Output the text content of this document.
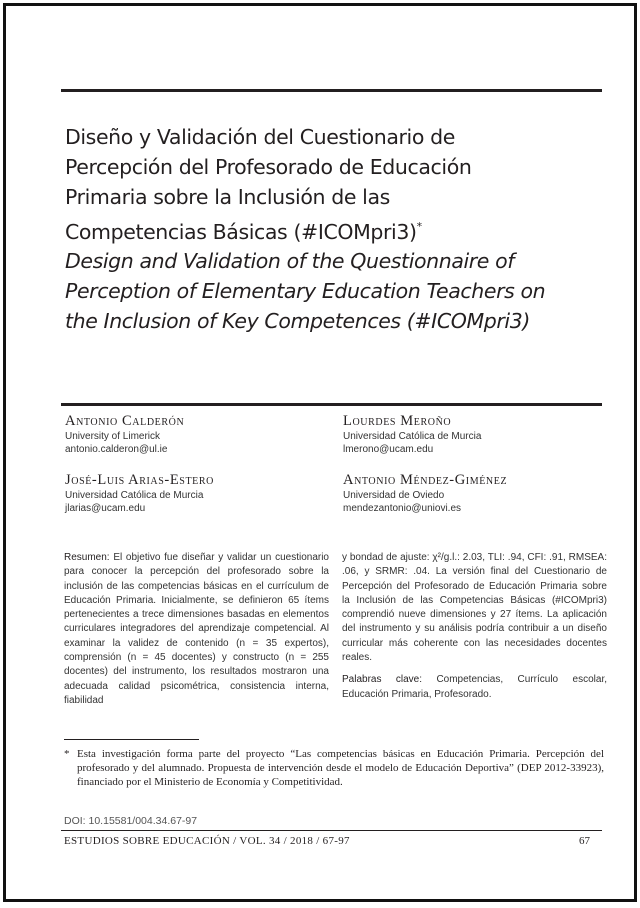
Diseño y Validación del Cuestionario de
Percepción del Profesorado de Educación
Primaria sobre la Inclusión de las
Competencias Básicas (#ICOMpri3)*
Design and Validation of the Questionnaire of
Perception of Elementary Education Teachers on
the Inclusion of Key Competences (#ICOMpri3)
Antonio Calderón
University of Limerick
antonio.calderon@ul.ie
Lourdes Meroño
Universidad Católica de Murcia
lmerono@ucam.edu
José-Luis Arias-Estero
Universidad Católica de Murcia
jlarias@ucam.edu
Antonio Méndez-Giménez
Universidad de Oviedo
mendezantonio@uniovi.es
Resumen: El objetivo fue diseñar y validar un cuestionario para conocer la percepción del profesorado sobre la inclusión de las competencias básicas en el currículum de Educación Primaria. Inicialmente, se definieron 65 ítems pertenecientes a trece dimensiones basadas en elementos curriculares integradores del aprendizaje competencial. Al examinar la validez de contenido (n = 35 expertos), comprensión (n = 45 docentes) y constructo (n = 255 docentes) del instrumento, los resultados mostraron una adecuada calidad psicométrica, consistencia interna, fiabilidad
y bondad de ajuste: χ²/g.l.: 2.03, TLI: .94, CFI: .91, RMSEA: .06, y SRMR: .04. La versión final del Cuestionario de Percepción del Profesorado de Educación Primaria sobre la Inclusión de las Competencias Básicas (#ICOMpri3) comprendió nueve dimensiones y 27 ítems. La aplicación del instrumento y su análisis podría contribuir a un diseño curricular más coherente con las necesidades docentes reales.
Palabras clave: Competencias, Currículo escolar, Educación Primaria, Profesorado.
* Esta investigación forma parte del proyecto “Las competencias básicas en Educación Primaria. Percepción del profesorado y del alumnado. Propuesta de intervención desde el modelo de Educación Deportiva” (DEP 2012-33923), financiado por el Ministerio de Economía y Competitividad.
DOI: 10.15581/004.34.67-97
ESTUDIOS SOBRE EDUCACIÓN / VOL. 34 / 2018 / 67-97	67
